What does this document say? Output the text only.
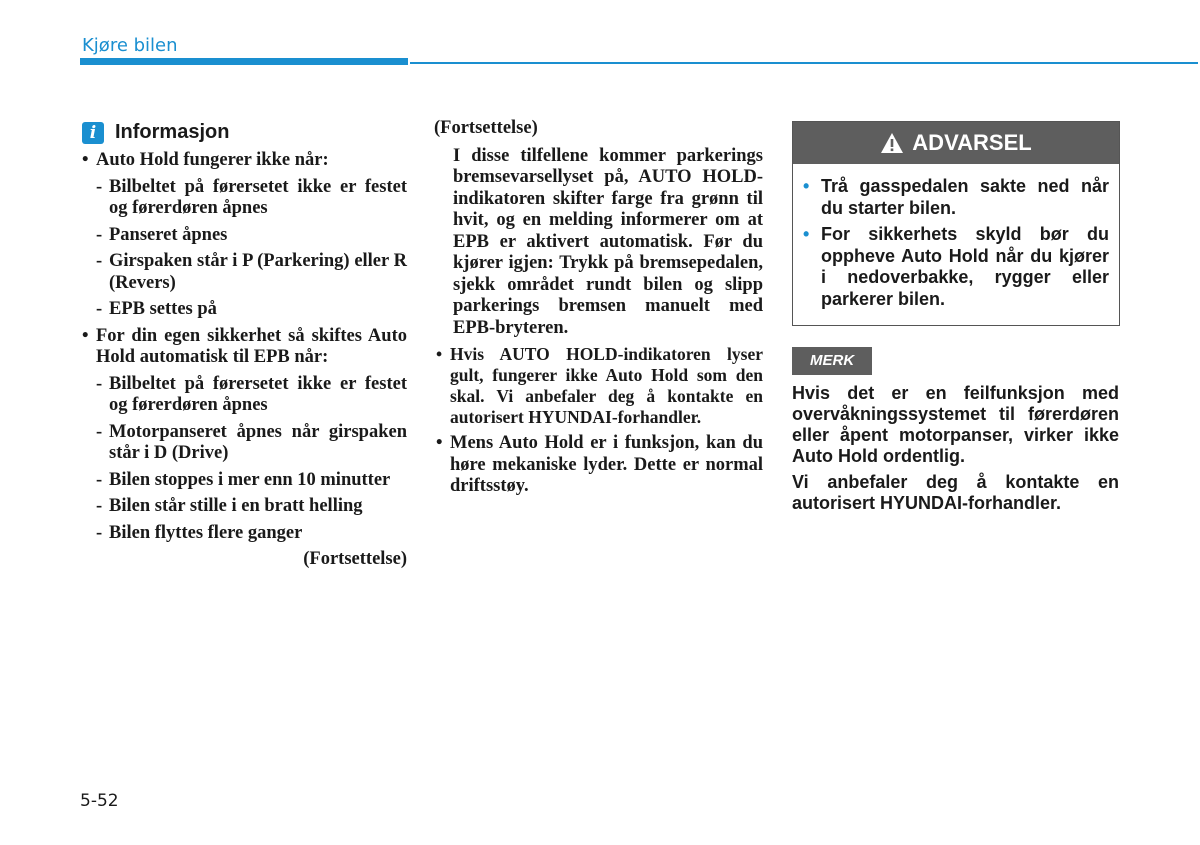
Kjøre bilen
i Informasjon
• Auto Hold fungerer ikke når:
- Bilbeltet på førersetet ikke er festet og førerdøren åpnes
- Panseret åpnes
- Girspaken står i P (Parkering) eller R (Revers)
- EPB settes på
• For din egen sikkerhet så skiftes Auto Hold automatisk til EPB når:
- Bilbeltet på førersetet ikke er festet og førerdøren åpnes
- Motorpanseret åpnes når girspaken står i D (Drive)
- Bilen stoppes i mer enn 10 minutter
- Bilen står stille i en bratt helling
- Bilen flyttes flere ganger
(Fortsettelse)
(Fortsettelse)
I disse tilfellene kommer parkerings bremsevarsellyset på, AUTO HOLD- indikatoren skifter farge fra grønn til hvit, og en melding informerer om at EPB er aktivert automatisk. Før du kjører igjen: Trykk på bremsepedalen, sjekk området rundt bilen og slipp parkerings bremsen manuelt med EPB-bryteren.
• Hvis AUTO HOLD-indikatoren lyser gult, fungerer ikke Auto Hold som den skal. Vi anbefaler deg å kontakte en autorisert HYUNDAI-forhandler.
• Mens Auto Hold er i funksjon, kan du høre mekaniske lyder. Dette er normal driftsstøy.
ADVARSEL
• Trå gasspedalen sakte ned når du starter bilen.
• For sikkerhets skyld bør du oppheve Auto Hold når du kjører i nedoverbakke, rygger eller parkerer bilen.
MERK

Hvis det er en feilfunksjon med overvåkningssystemet til førerdøren eller åpent motorpanser, virker ikke Auto Hold ordentlig.

Vi anbefaler deg å kontakte en autorisert HYUNDAI-forhandler.

5-52
